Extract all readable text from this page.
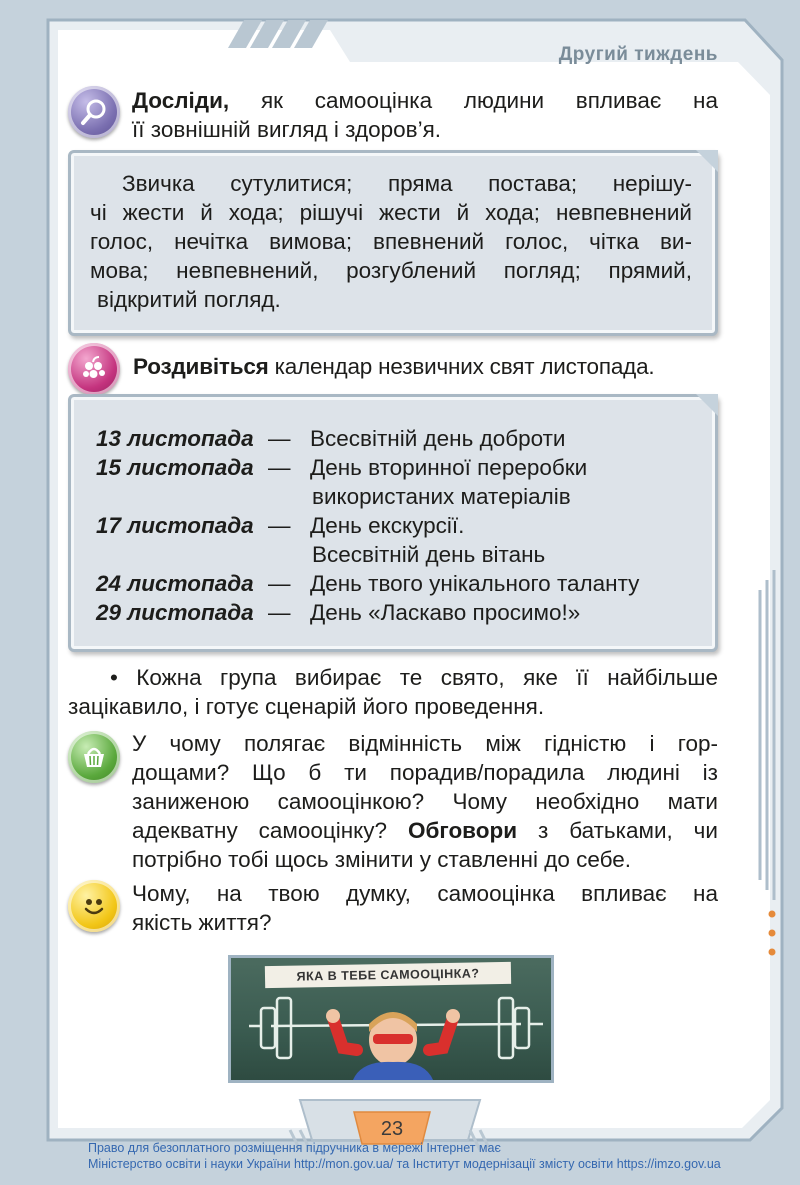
Другий тиждень
Досліди, як самооцінка людини впливає на
її зовнішній вигляд і здоров’я.
Звичка сутулитися; пряма постава; нерішу-
чі жести й хода; рішучі жести й хода; невпевнений
голос, нечітка вимова; впевнений голос, чітка ви-
мова; невпевнений, розгублений погляд; прямий,
відкритий погляд.
Роздивіться календар незвичних свят листопада.
13 листопада — Всесвітній день доброти
15 листопада — День вторинної переробки
використаних матеріалів
17 листопада — День екскурсії.
Всесвітній день вітань
24 листопада — День твого унікального таланту
29 листопада — День «Ласкаво просимо!»
• Кожна група вибирає те свято, яке її найбільше
зацікавило, і готує сценарій його проведення.
У чому полягає відмінність між гідністю і гор-
дощами? Що б ти порадив/порадила людині із
заниженою самооцінкою? Чому необхідно мати
адекватну самооцінку? Обговори з батьками, чи
потрібно тобі щось змінити у ставленні до себе.
Чому, на твою думку, самооцінка впливає на
якість життя?
ЯКА В ТЕБЕ САМООЦІНКА?
23
Право для безоплатного розміщення підручника в мережі Інтернет має
Міністерство освіти і науки України http://mon.gov.ua/ та Інститут модернізації змісту освіти https://imzo.gov.ua
